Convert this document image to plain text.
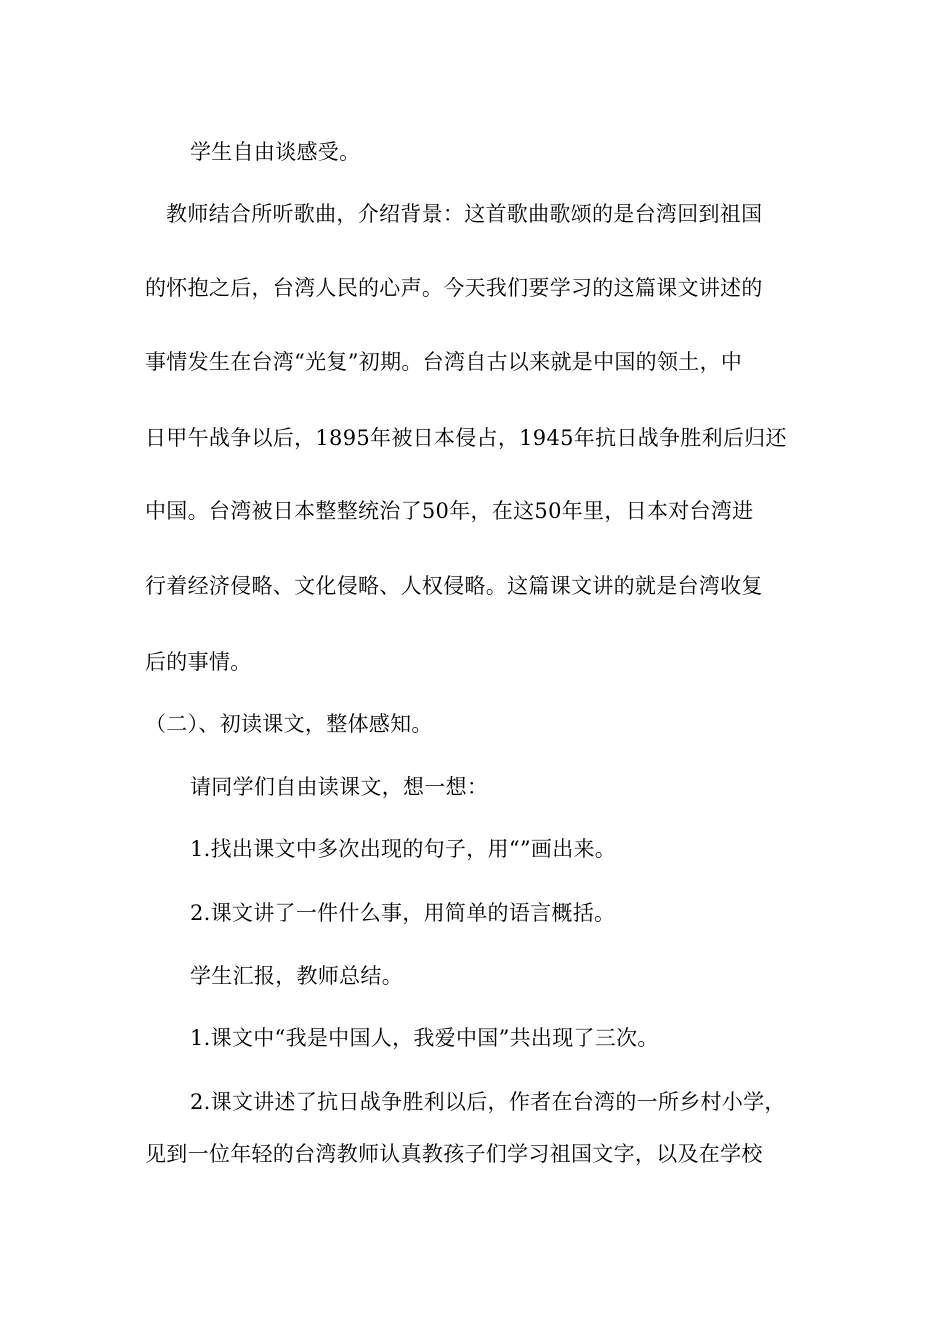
学生自由谈感受。
教师结合所听歌曲，介绍背景：这首歌曲歌颂的是台湾回到祖国
的怀抱之后，台湾人民的心声。今天我们要学习的这篇课文讲述的
事情发生在台湾“光复”初期。台湾自古以来就是中国的领土，中
日甲午战争以后，1895年被日本侵占，1945年抗日战争胜利后归还
中国。台湾被日本整整统治了50年，在这50年里，日本对台湾进
行着经济侵略、文化侵略、人权侵略。这篇课文讲的就是台湾收复
后的事情。
（二）、初读课文，整体感知。
请同学们自由读课文，想一想：
1.找出课文中多次出现的句子，用“”画出来。
2.课文讲了一件什么事，用简单的语言概括。
学生汇报，教师总结。
1.课文中“我是中国人，我爱中国”共出现了三次。
2.课文讲述了抗日战争胜利以后，作者在台湾的一所乡村小学，
见到一位年轻的台湾教师认真教孩子们学习祖国文字，以及在学校
